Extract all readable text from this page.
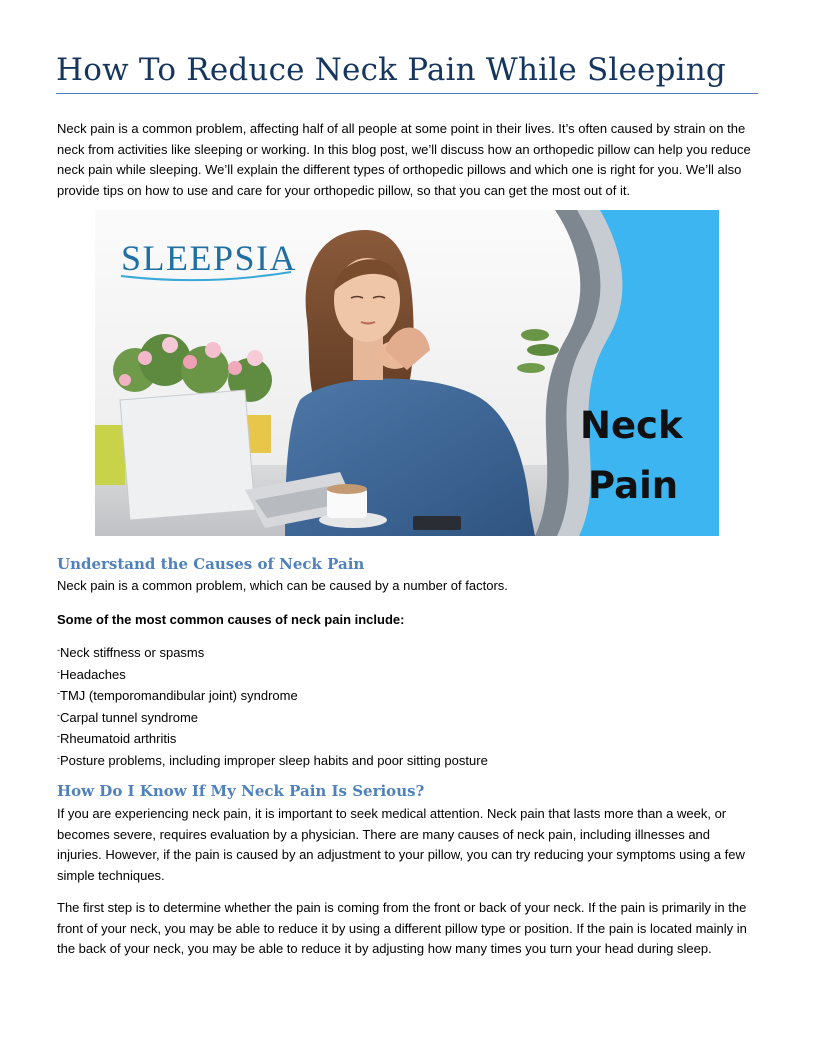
How To Reduce Neck Pain While Sleeping

Neck pain is a common problem, affecting half of all people at some point in their lives. It’s often caused by strain on the neck from activities like sleeping or working. In this blog post, we’ll discuss how an orthopedic pillow can help you reduce neck pain while sleeping. We’ll explain the different types of orthopedic pillows and which one is right for you. We’ll also provide tips on how to use and care for your orthopedic pillow, so that you can get the most out of it.

SLEEPSIA
Neck
Pain
Understand the Causes of Neck Pain

Neck pain is a common problem, which can be caused by a number of factors.

Some of the most common causes of neck pain include:

-Neck stiffness or spasms
-Headaches
-TMJ (temporomandibular joint) syndrome
-Carpal tunnel syndrome
-Rheumatoid arthritis
-Posture problems, including improper sleep habits and poor sitting posture
How Do I Know If My Neck Pain Is Serious?

If you are experiencing neck pain, it is important to seek medical attention. Neck pain that lasts more than a week, or becomes severe, requires evaluation by a physician. There are many causes of neck pain, including illnesses and injuries. However, if the pain is caused by an adjustment to your pillow, you can try reducing your symptoms using a few simple techniques.

The first step is to determine whether the pain is coming from the front or back of your neck. If the pain is primarily in the front of your neck, you may be able to reduce it by using a different pillow type or position. If the pain is located mainly in the back of your neck, you may be able to reduce it by adjusting how many times you turn your head during sleep.
